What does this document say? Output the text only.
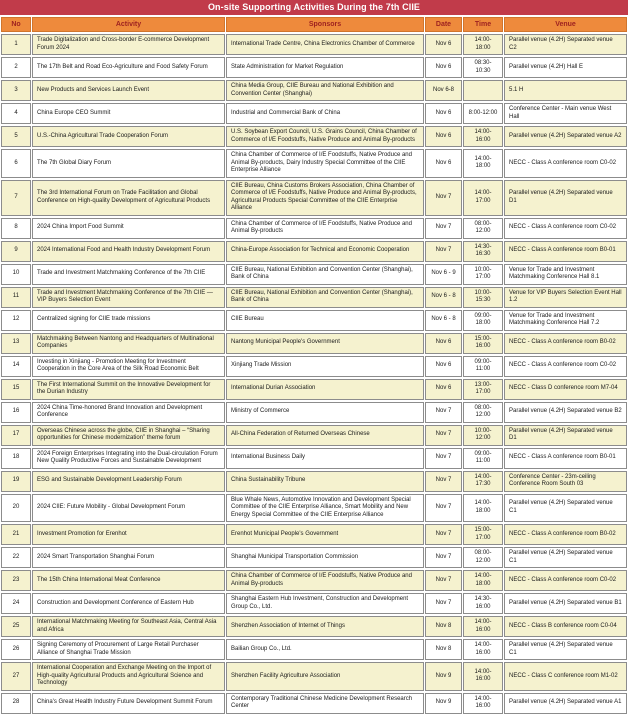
On-site Supporting Activities During the 7th CIIE
No	Activity	Sponsors	Date	Time	Venue
1	Trade Digitalization and Cross-border E-commerce Development Forum 2024	International Trade Centre, China Electronics Chamber of Commerce	Nov 6	14:00-18:00	Parallel venue (4.2H) Separated venue C2
2	The 17th Belt and Road Eco-Agriculture and Food Safety Forum	State Administration for Market Regulation	Nov 6	08:30-10:30	Parallel venue (4.2H) Hall E
3	New Products and Services Launch Event	China Media Group, CIIE Bureau and National Exhibition and Convention Center (Shanghai)	Nov 6-8		5.1 H
4	China Europe CEO Summit	Industrial and Commercial Bank of China	Nov 6	8:00-12:00	Conference Center - Main venue West Hall
5	U.S.-China Agricultural Trade Cooperation Forum	U.S. Soybean Export Council, U.S. Grains Council, China Chamber of Commerce of I/E Foodstuffs, Native Produce and Animal By-products	Nov 6	14:00-16:00	Parallel venue (4.2H) Separated venue A2
6	The 7th Global Diary Forum	China Chamber of Commerce of I/E Foodstuffs, Native Produce and Animal By-products, Dairy Industry Special Committee of the CIIE Enterprise Alliance	Nov 6	14:00-18:00	NECC - Class A conference room C0-02
7	The 3rd International Forum on Trade Facilitation and Global Conference on High-quality Development of Agricultural Products	CIIE Bureau, China Customs Brokers Association, China Chamber of Commerce of I/E Foodstuffs, Native Produce and Animal By-products, Agricultural Products Special Committee of the CIIE Enterprise Alliance	Nov 7	14:00-17:00	Parallel venue (4.2H) Separated venue D1
8	2024 China Import Food Summit	China Chamber of Commerce of I/E Foodstuffs, Native Produce and Animal By-products	Nov 7	08:00-12:00	NECC - Class A conference room C0-02
9	2024 International Food and Health Industry Development Forum	China-Europe Association for Technical and Economic Cooperation	Nov 7	14:30-16:30	NECC - Class A conference room B0-01
10	Trade and Investment Matchmaking Conference of the 7th CIIE	CIIE Bureau, National Exhibition and Convention Center (Shanghai), Bank of China	Nov 6 - 9	10:00-17:00	Venue for Trade and Investment Matchmaking Conference Hall 8.1
11	Trade and Investment Matchmaking Conference of the 7th CIIE — VIP Buyers Selection Event	CIIE Bureau, National Exhibition and Convention Center (Shanghai), Bank of China	Nov 6 - 8	10:00-15:30	Venue for VIP Buyers Selection Event Hall 1.2
12	Centralized signing for CIIE trade missions	CIIE Bureau	Nov 6 - 8	09:00-18:00	Venue for Trade and Investment Matchmaking Conference Hall 7.2
13	Matchmaking Between Nantong and Headquarters of Multinational Companies	Nantong Municipal People's Government	Nov 6	15:00-16:00	NECC - Class A conference room B0-02
14	Investing in Xinjiang - Promotion Meeting for Investment Cooperation in the Core Area of the Silk Road Economic Belt	Xinjiang Trade Mission	Nov 6	09:00-11:00	NECC - Class A conference room C0-02
15	The First International Summit on the Innovative Development for the Durian Industry	International Durian Association	Nov 6	13:00-17:00	NECC - Class D conference room M7-04
16	2024 China Time-honored Brand Innovation and Development Conference	Ministry of Commerce	Nov 7	08:00-12:00	Parallel venue (4.2H) Separated venue B2
17	Overseas Chinese across the globe, CIIE in Shanghai – “Sharing opportunities for Chinese modernization” theme forum	All-China Federation of Returned Overseas Chinese	Nov 7	10:00-12:00	Parallel venue (4.2H) Separated venue D1
18	2024 Foreign Enterprises Integrating into the Dual-circulation Forum New Quality Productive Forces and Sustainable Development	International Business Daily	Nov 7	09:00-11:00	NECC - Class A conference room B0-01
19	ESG and Sustainable Development Leadership Forum	China Sustainability Tribune	Nov 7	14:00-17:30	Conference Center - 23m-ceiling Conference Room South 03
20	2024 CIIE: Future Mobility - Global Development Forum	Blue Whale News, Automotive Innovation and Development Special Committee of the CIIE Enterprise Alliance, Smart Mobility and New Energy Special Committee of the CIIE Enterprise Alliance	Nov 7	14:00-18:00	Parallel venue (4.2H) Separated venue C1
21	Investment Promotion for Erenhot	Erenhot Municipal People's Government	Nov 7	15:00-17:00	NECC - Class A conference room B0-02
22	2024 Smart Transportation Shanghai Forum	Shanghai Municipal Transportation Commission	Nov 7	08:00-12:00	Parallel venue (4.2H) Separated venue C1
23	The 15th China International Meat Conference	China Chamber of Commerce of I/E Foodstuffs, Native Produce and Animal By-products	Nov 7	14:00-18:00	NECC - Class A conference room C0-02
24	Construction and Development Conference of Eastern Hub	Shanghai Eastern Hub Investment, Construction and Development Group Co., Ltd.	Nov 7	14:30-16:00	Parallel venue (4.2H) Separated venue B1
25	International Matchmaking Meeting for Southeast Asia, Central Asia and Africa	Shenzhen Association of Internet of Things	Nov 8	14:00-16:00	NECC - Class B conference room C0-04
26	Signing Ceremony of Procurement of Large Retail Purchaser Alliance of Shanghai Trade Mission	Bailian Group Co., Ltd.	Nov 8	14:00-16:00	Parallel venue (4.2H) Separated venue C1
27	International Cooperation and Exchange Meeting on the Import of High-quality Agricultural Products and Agricultural Science and Technology	Shenzhen Facility Agriculture Association	Nov 9	14:00-16:00	NECC - Class C conference room M1-02
28	China's Great Health Industry Future Development Summit Forum	Contemporary Traditional Chinese Medicine Development Research Center	Nov 9	14:00-16:00	Parallel venue (4.2H) Separated venue A1
